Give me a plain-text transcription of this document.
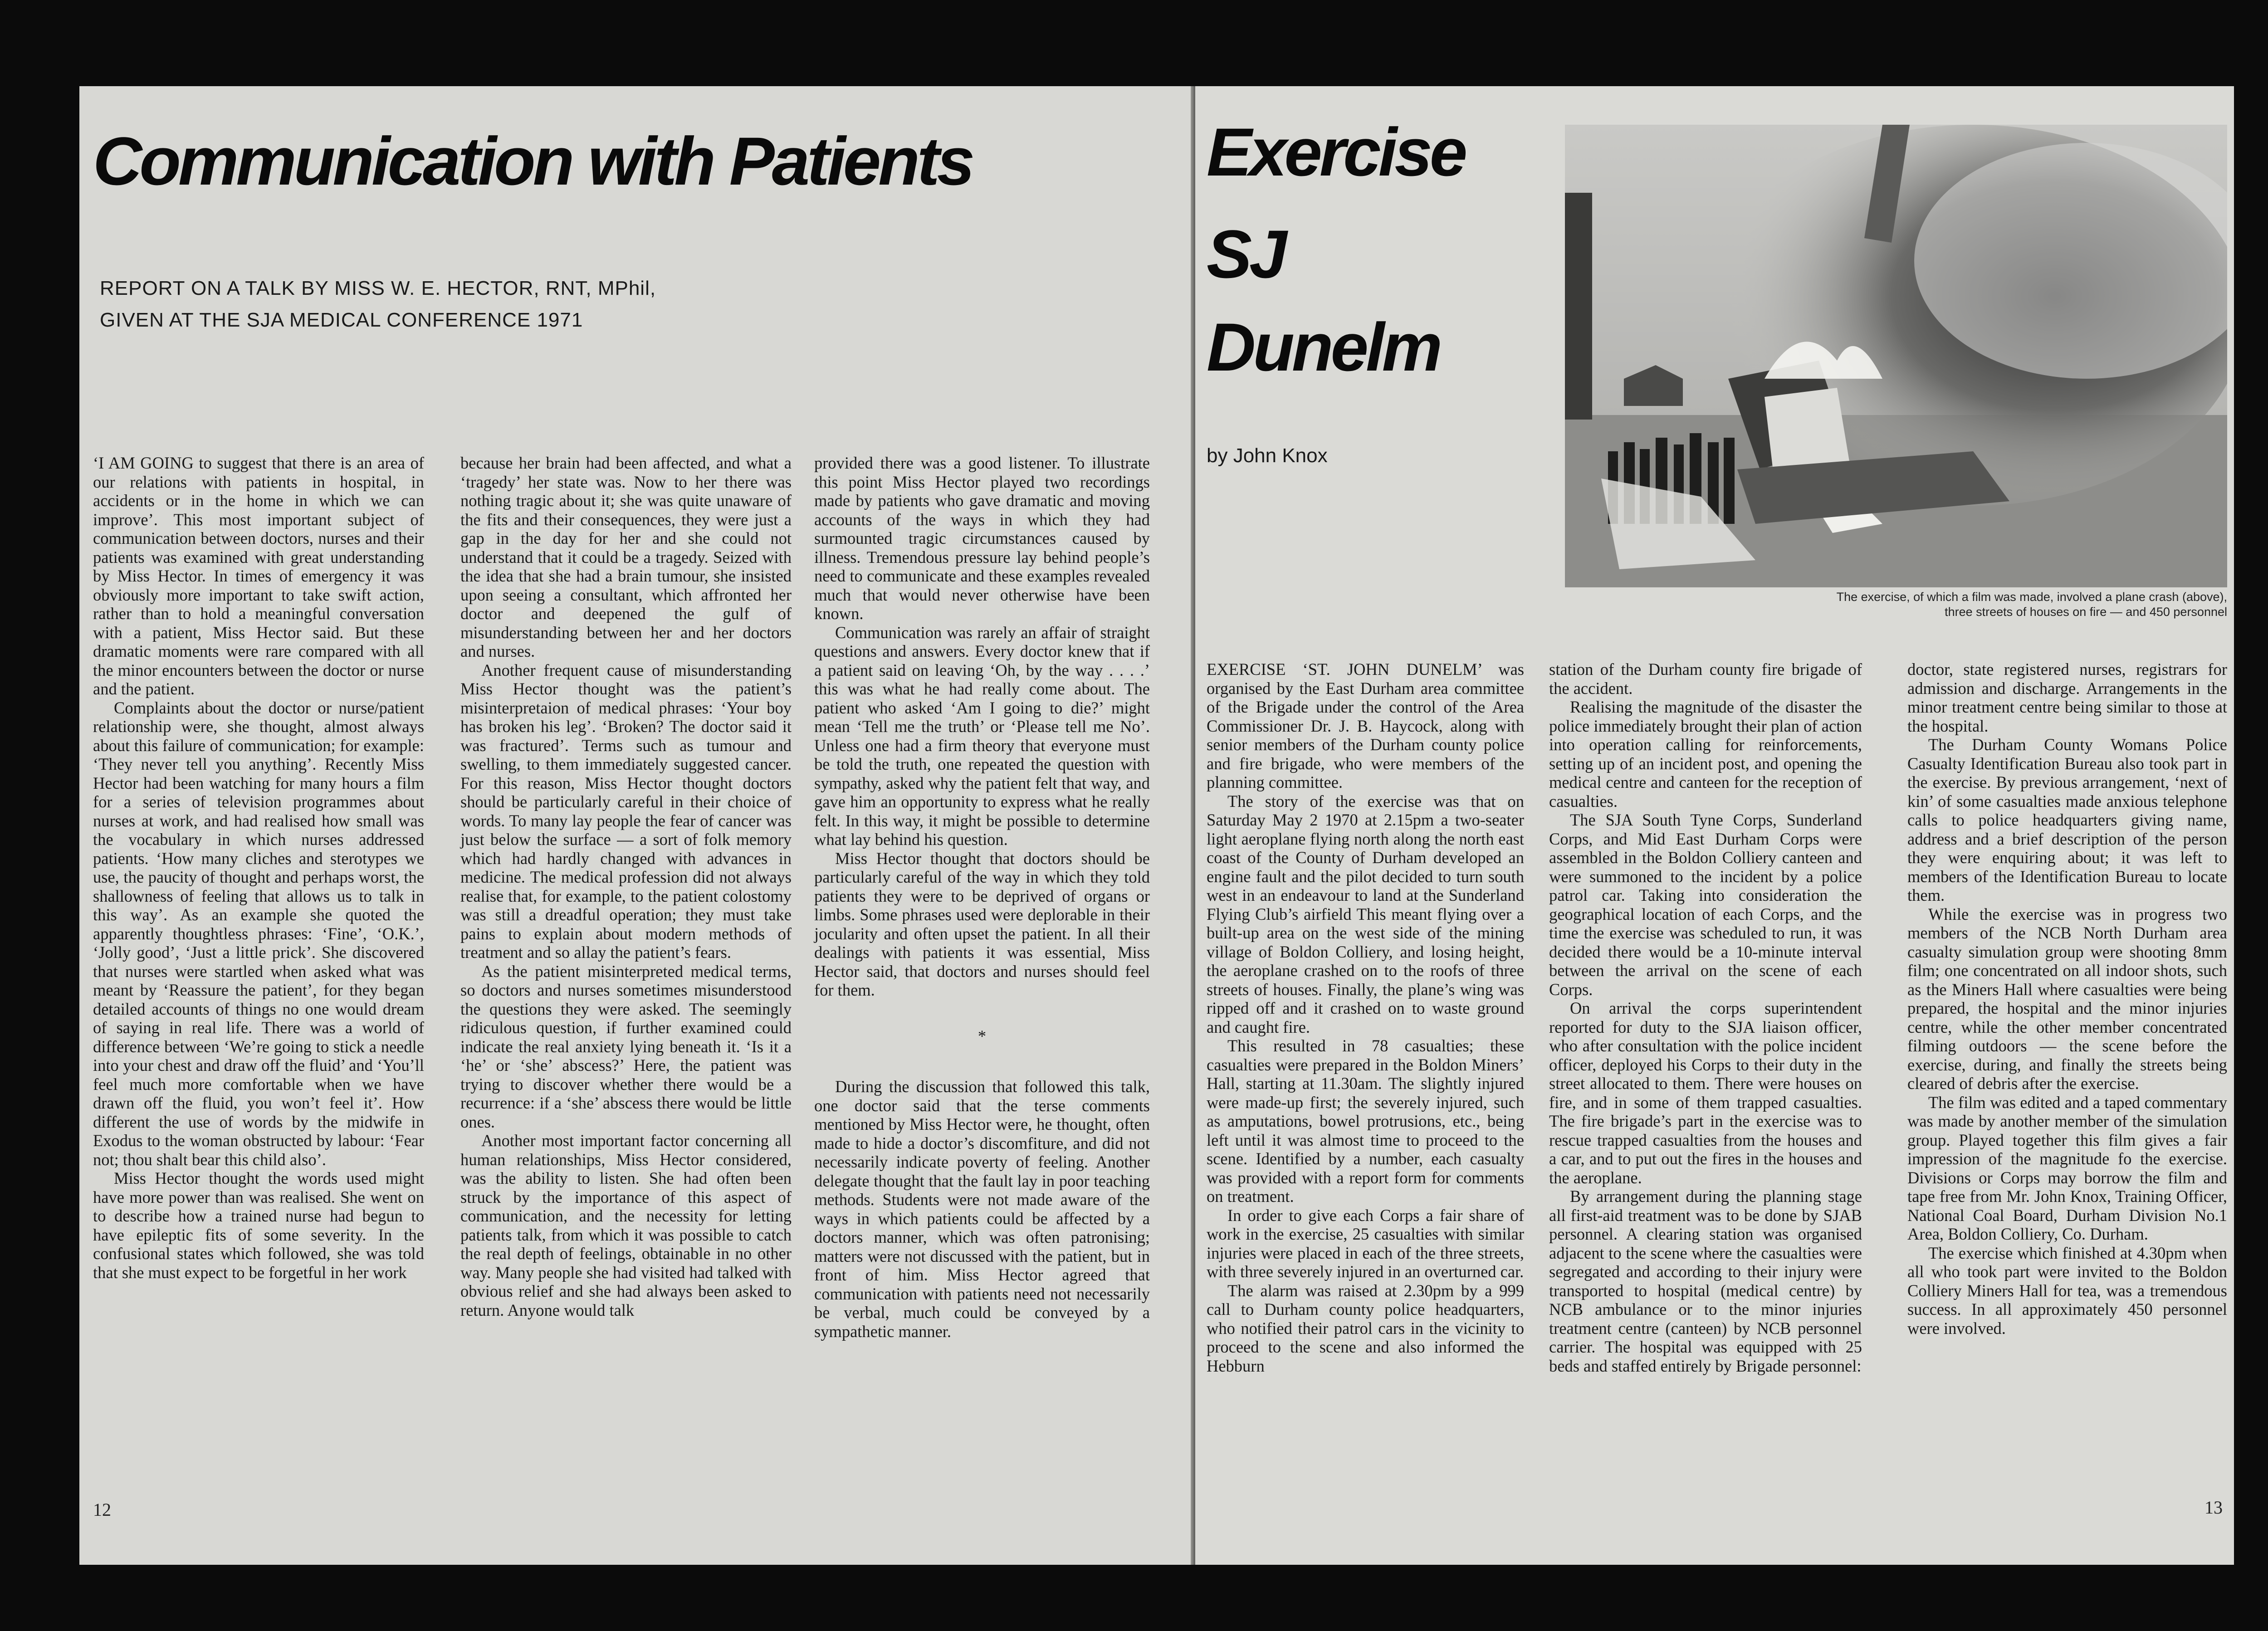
Communication with Patients

REPORT ON A TALK BY MISS W. E. HECTOR, RNT, MPhil,

GIVEN AT THE SJA MEDICAL CONFERENCE 1971

‘I AM GOING to suggest that there is an area of our relations with patients in hospital, in accidents or in the home in which we can improve’. This most important subject of communication between doctors, nurses and their patients was examined with great understanding by Miss Hector. In times of emergency it was obviously more important to take swift action, rather than to hold a meaningful conversation with a patient, Miss Hector said. But these dramatic moments were rare compared with all the minor encounters between the doctor or nurse and the patient.

Complaints about the doctor or nurse/patient relationship were, she thought, almost always about this failure of communication; for example: ‘They never tell you anything’. Recently Miss Hector had been watching for many hours a film for a series of television programmes about nurses at work, and had realised how small was the vocabulary in which nurses addressed patients. ‘How many cliches and sterotypes we use, the paucity of thought and perhaps worst, the shallowness of feeling that allows us to talk in this way’. As an example she quoted the apparently thoughtless phrases: ‘Fine’, ‘O.K.’, ‘Jolly good’, ‘Just a little prick’. She discovered that nurses were startled when asked what was meant by ‘Reassure the patient’, for they began detailed accounts of things no one would dream of saying in real life. There was a world of difference between ‘We’re going to stick a needle into your chest and draw off the fluid’ and ‘You’ll feel much more comfortable when we have drawn off the fluid, you won’t feel it’. How different the use of words by the midwife in Exodus to the woman obstructed by labour: ‘Fear not; thou shalt bear this child also’.

Miss Hector thought the words used might have more power than was realised. She went on to describe how a trained nurse had begun to have epileptic fits of some severity. In the confusional states which followed, she was told that she must expect to be forgetful in her work

because her brain had been affected, and what a ‘tragedy’ her state was. Now to her there was nothing tragic about it; she was quite unaware of the fits and their consequences, they were just a gap in the day for her and she could not understand that it could be a tragedy. Seized with the idea that she had a brain tumour, she insisted upon seeing a consultant, which affronted her doctor and deepened the gulf of misunderstanding between her and her doctors and nurses.

Another frequent cause of misunderstanding Miss Hector thought was the patient’s misinterpretaion of medical phrases: ‘Your boy has broken his leg’. ‘Broken? The doctor said it was fractured’. Terms such as tumour and swelling, to them immediately suggested cancer. For this reason, Miss Hector thought doctors should be particularly careful in their choice of words. To many lay people the fear of cancer was just below the surface — a sort of folk memory which had hardly changed with advances in medicine. The medical profession did not always realise that, for example, to the patient colostomy was still a dreadful operation; they must take pains to explain about modern methods of treatment and so allay the patient’s fears.

As the patient misinterpreted medical terms, so doctors and nurses sometimes misunderstood the questions they were asked. The seemingly ridiculous question, if further examined could indicate the real anxiety lying beneath it. ‘Is it a ‘he’ or ‘she’ abscess?’ Here, the patient was trying to discover whether there would be a recurrence: if a ‘she’ abscess there would be little ones.

Another most important factor concerning all human relationships, Miss Hector considered, was the ability to listen. She had often been struck by the importance of this aspect of communication, and the necessity for letting patients talk, from which it was possible to catch the real depth of feelings, obtainable in no other way. Many people she had visited had talked with obvious relief and she had always been asked to return. Anyone would talk

provided there was a good listener. To illustrate this point Miss Hector played two recordings made by patients who gave dramatic and moving accounts of the ways in which they had surmounted tragic circumstances caused by illness. Tremendous pressure lay behind people’s need to communicate and these examples revealed much that would never otherwise have been known.

Communication was rarely an affair of straight questions and answers. Every doctor knew that if a patient said on leaving ‘Oh, by the way . . . .’ this was what he had really come about. The patient who asked ‘Am I going to die?’ might mean ‘Tell me the truth’ or ‘Please tell me No’. Unless one had a firm theory that everyone must be told the truth, one repeated the question with sympathy, asked why the patient felt that way, and gave him an opportunity to express what he really felt. In this way, it might be possible to determine what lay behind his question.

Miss Hector thought that doctors should be particularly careful of the way in which they told patients they were to be deprived of organs or limbs. Some phrases used were deplorable in their jocularity and often upset the patient. In all their dealings with patients it was essential, Miss Hector said, that doctors and nurses should feel for them.

*

During the discussion that followed this talk, one doctor said that the terse comments mentioned by Miss Hector were, he thought, often made to hide a doctor’s discomfiture, and did not necessarily indicate poverty of feeling. Another delegate thought that the fault lay in poor teaching methods. Students were not made aware of the ways in which patients could be affected by a doctors manner, which was often patronising; matters were not discussed with the patient, but in front of him. Miss Hector agreed that communication with patients need not necessarily be verbal, much could be conveyed by a sympathetic manner.

12
Exercise
SJ
Dunelm
by John Knox
The exercise, of which a film was made, involved a plane crash (above), three streets of houses on fire — and 450 personnel

EXERCISE ‘ST. JOHN DUNELM’ was organised by the East Durham area committee of the Brigade under the control of the Area Commissioner Dr. J. B. Haycock, along with senior members of the Durham county police and fire brigade, who were members of the planning committee.

The story of the exercise was that on Saturday May 2 1970 at 2.15pm a two-seater light aeroplane flying north along the north east coast of the County of Durham developed an engine fault and the pilot decided to turn south west in an endeavour to land at the Sunderland Flying Club’s airfield This meant flying over a built-up area on the west side of the mining village of Boldon Colliery, and losing height, the aeroplane crashed on to the roofs of three streets of houses. Finally, the plane’s wing was ripped off and it crashed on to waste ground and caught fire.

This resulted in 78 casualties; these casualties were prepared in the Boldon Miners’ Hall, starting at 11.30am. The slightly injured were made-up first; the severely injured, such as amputations, bowel protrusions, etc., being left until it was almost time to proceed to the scene. Identified by a number, each casualty was provided with a report form for comments on treatment.

In order to give each Corps a fair share of work in the exercise, 25 casualties with similar injuries were placed in each of the three streets, with three severely injured in an overturned car.

The alarm was raised at 2.30pm by a 999 call to Durham county police headquarters, who notified their patrol cars in the vicinity to proceed to the scene and also informed the Hebburn

station of the Durham county fire brigade of the accident.

Realising the magnitude of the disaster the police immediately brought their plan of action into operation calling for reinforcements, setting up of an incident post, and opening the medical centre and canteen for the reception of casualties.

The SJA South Tyne Corps, Sunderland Corps, and Mid East Durham Corps were assembled in the Boldon Colliery canteen and were summoned to the incident by a police patrol car. Taking into consideration the geographical location of each Corps, and the time the exercise was scheduled to run, it was decided there would be a 10-minute interval between the arrival on the scene of each Corps.

On arrival the corps superintendent reported for duty to the SJA liaison officer, who after consultation with the police incident officer, deployed his Corps to their duty in the street allocated to them. There were houses on fire, and in some of them trapped casualties. The fire brigade’s part in the exercise was to rescue trapped casualties from the houses and a car, and to put out the fires in the houses and the aeroplane.

By arrangement during the planning stage all first-aid treatment was to be done by SJAB personnel. A clearing station was organised adjacent to the scene where the casualties were segregated and according to their injury were transported to hospital (medical centre) by NCB ambulance or to the minor injuries treatment centre (canteen) by NCB personnel carrier. The hospital was equipped with 25 beds and staffed entirely by Brigade personnel:

doctor, state registered nurses, registrars for admission and discharge. Arrangements in the minor treatment centre being similar to those at the hospital.

The Durham County Womans Police Casualty Identification Bureau also took part in the exercise. By previous arrangement, ‘next of kin’ of some casualties made anxious telephone calls to police headquarters giving name, address and a brief description of the person they were enquiring about; it was left to members of the Identification Bureau to locate them.

While the exercise was in progress two members of the NCB North Durham area casualty simulation group were shooting 8mm film; one concentrated on all indoor shots, such as the Miners Hall where casualties were being prepared, the hospital and the minor injuries centre, while the other member concentrated filming outdoors — the scene before the exercise, during, and finally the streets being cleared of debris after the exercise.

The film was edited and a taped commentary was made by another member of the simulation group. Played together this film gives a fair impression of the magnitude fo the exercise. Divisions or Corps may borrow the film and tape free from Mr. John Knox, Training Officer, National Coal Board, Durham Division No.1 Area, Boldon Colliery, Co. Durham.

The exercise which finished at 4.30pm when all who took part were invited to the Boldon Colliery Miners Hall for tea, was a tremendous success. In all approximately 450 personnel were involved.

13
